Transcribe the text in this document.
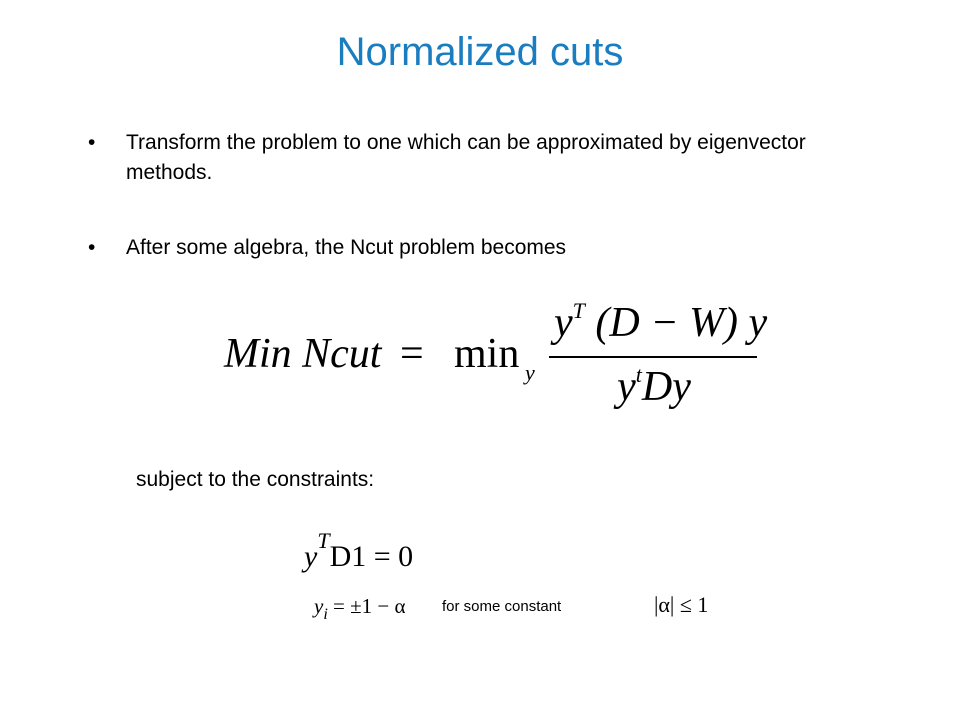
Normalized cuts
• Transform the problem to one which can be approximated by eigenvector methods.
• After some algebra, the Ncut problem becomes
Min Ncut = min y
$y^T$ (D − W) y
$y^tDy$
subject to the constraints:
$y^TD1 = 0$
$y_i = \pm 1 - \alpha$ for some constant	|α| ≤ 1
